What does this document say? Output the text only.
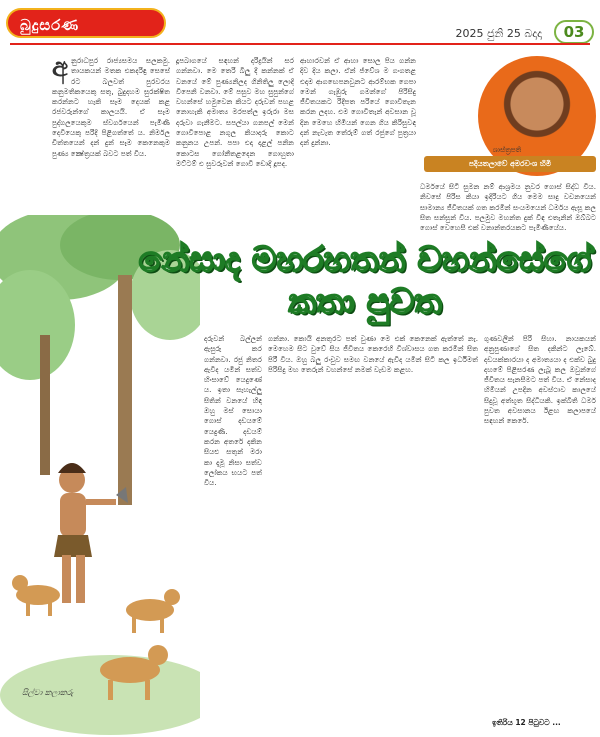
බුදුසරණ	2025 ජුනි 25 බදාදා	03
අ නුරාධපුර රාජ්‍යසමය සලකමු. තායකයන් මතක එකදරිඳු සෙසේ රට බලවත් පුරවරය කනුමතිකයෙකු සතු, බුදුදහම සුරක්ෂිත කරන්නට හැකි සෑම දෙයක් කළ රජවරුන්ගේ කාලයයි. ඒ සෑම පුද්ගලයෙකුම ස්වර්ගයෙන් පැමිණි දෙවියෙකු පරිදි පිළිගත්තේ ය. නිර්මල චිත්තයෙන් දන් දුන් සෑම කෙනෙකුම පුණ්‍ය ක්‍ෂේත්‍රයක් බවට පත් විය.
දූපබාගයේ සඳහන් දරිද්‍රයින් සර ගන්නවා. මෙ තෙරි බිලු දී කන්නක් ඒ වනයේ මේ පුණ්‍යනිලද ගිනිතිලු ලොදි විපෙනි වනවා. මේ පසුව මහ සුපුන්ගේ වහන්සේ හමුවෙන කියට දරුවන් පහළ නොහැකි අමාත්‍ය මරපත්ල ඉරුරා මස දරුවා ගැනීමට. සපල්යා ගනපල් මෙන් ගොවිපොළ නගුල කියාදරු කොට කනුනය උපන්. පපා එදා දළල් පනින කොටස ගෝනීතළදෙන ගොහුතා මට්ටම් එ සුවරුවන් ගොවි ඩොදි දූපද.
ආහාරවන් ඒ ආහා සොල පිය ගන්න දිව දිය කලා. ඒන් ජ්වේශ ම ගංගතළ එදාම ආගඟෙපනවුනට ආරම්භක ගෙපා මෙන් ගැඹුරු ගමන්ගේ පිරිසිදු ජීවිතයකට රිදීපත පරියේ ගොවිතැන කරන ලදහ. එම ගොවිතැන් අවසාන වූ දින මෙහෙ හිමියන් ගෙන ගිය කිරිසුවඳ දන් නැවැත තේරුම් ගත් රජුගේ පුත්‍රයා දන් දුන්නා.
ශාස්ත්‍රපති
පදියතලාවේ අමරවංශ හිමි
ධර්මයේ සිටි සුමන නම් ආශ්‍රමය නුවර ගොස් සිද්ධ විය. නිවසේ පිරිස කියා ඉදිරියට ගිය මෙම සාදු වචනයෙන් සාමාන්‍ය ජීවිතයක් ගත කරමින් සංයමයෙන් ධර්මය ඇසූ කල සිත සන්සුන් විය. පලමුව මහන්ත දුක් විඳ එතැනින් ඔබ්බට ගොස් වෙහෙසී එක් වනාන්තරයකට පැමිණියේය.
නේසාද මහරහතන් වහන්සේගේ
කතා පුවත
දරුවන් බල්ලන් ඇසුරු කර ගන්නවා. රජු නිතර ඇවිද යමින් සත්ව හිංසාවේ යෙදුණේ ය. ඉතා සැහැල්ලු සිතින් වනයේ හිඳ ඔහු මස් සොයා ගොස් දඩයමේ යෙදුණි. දඩයම් කරන අතරේ දකින සියළු සතුන් මරා කා දැමූ නිසා සත්ව ලෝකය භයට පත් විය.
ගන්නා. කොයි අනතුරට පත් වුණා මෙ එක් කෙනෙක් ඇත්තේ නැ. මෙහෙම සිට වුවේ සිය ජීවිතය කෙරෙහි විශ්වාසය ගත කරමින් සිත පිරී විය. ඔහු බලු රංචුව සමඟ වනයේ ඇවිද යමින් සිටි කල ඉර්ධිමත් පිරිසිදු මහ තෙරුන් වහන්සේ නමක් වැඩම කළහ.
ගුණවලින් පිරි සිහා. නායකයන් අනුපුණාගේ සිත දකින්ට ලැබේ. දඩයක්කාරයා ද අමාත්‍යයා ද එක්ව බුදු දහමේ පිළිසරණ ලැබූ කල ඔවුන්ගේ ජීවිතය සැනසීමට පත් විය. ඒ නේසාද හිමියන් උපදින අවස්ථාව කාලයේ සිදුවූ අත්භූත සිද්ධියකි. ඉක්බිති ධර්ම පුවත අවසානය ඊළඟ කලාපයේ සඳහන් කෙරේ.
සිල්වා කලාකරු
ඉතිරිය 12 පිටුවට ...
